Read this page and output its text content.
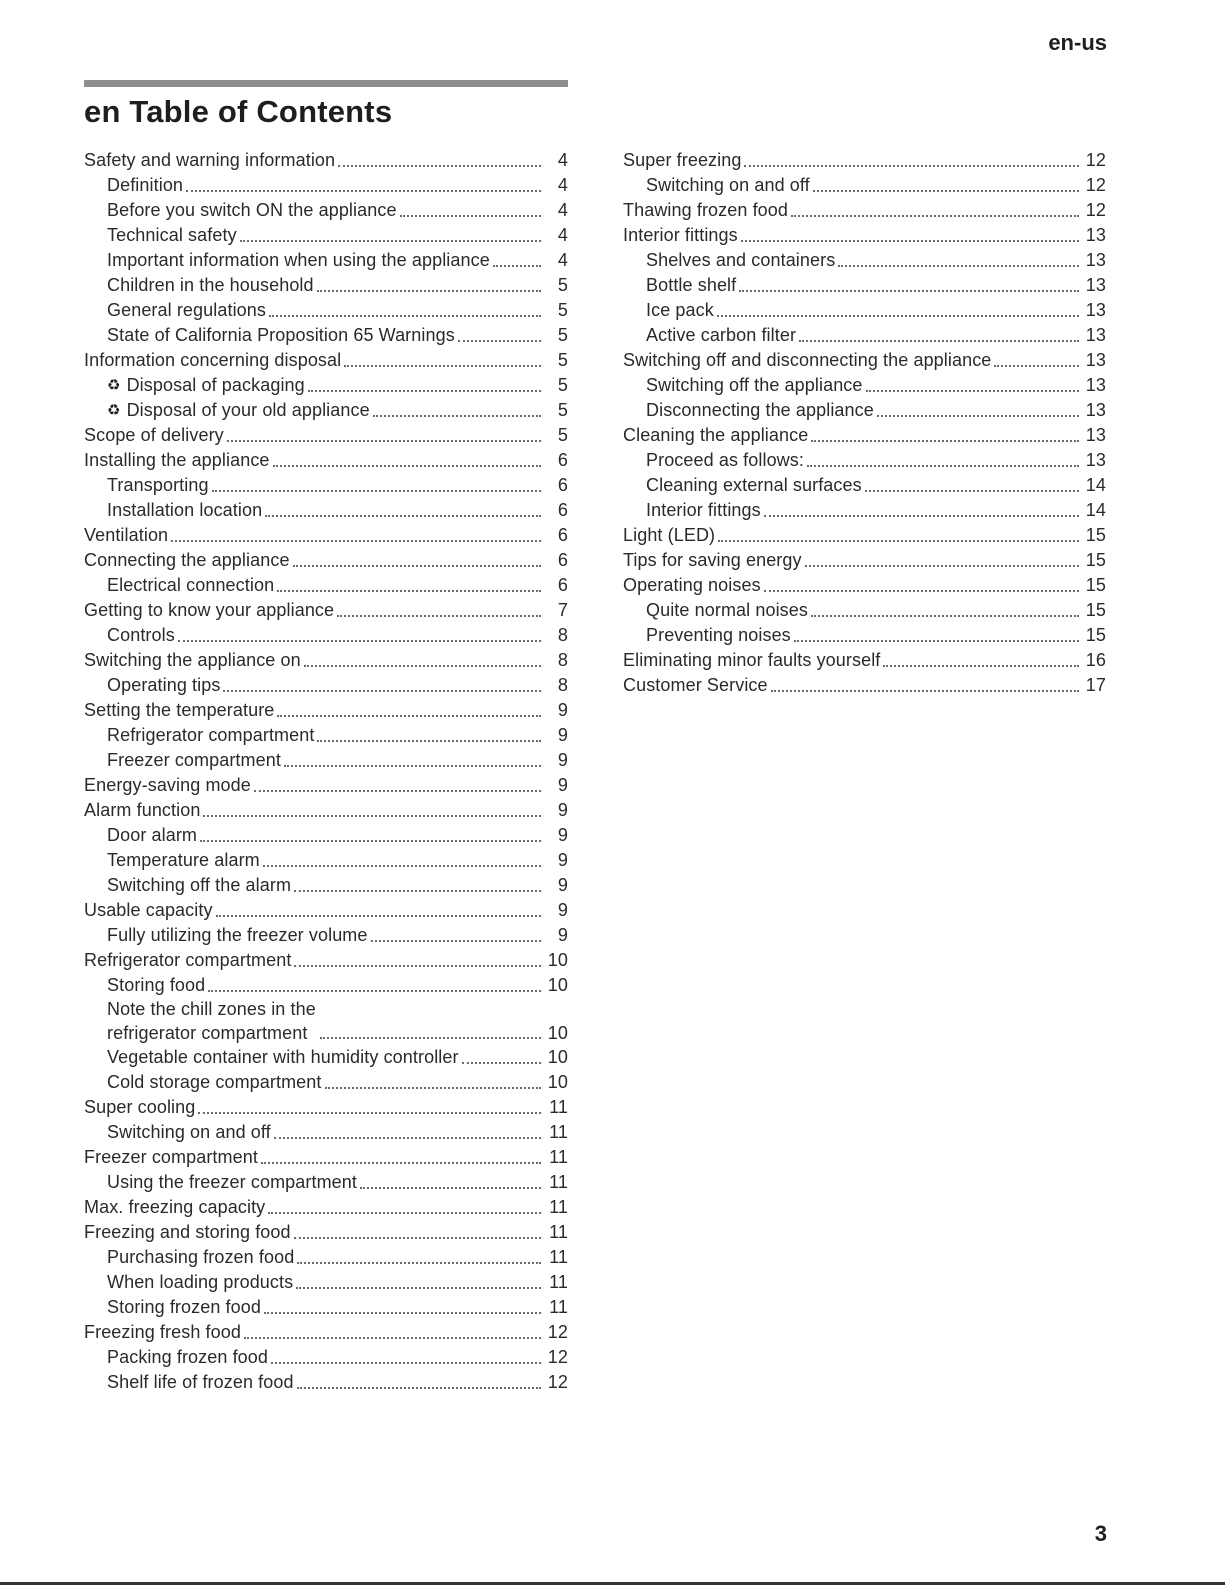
en-us
en Table of Contents
Safety and warning information	4
Definition	4
Before you switch ON the appliance	4
Technical safety	4
Important information when using the appliance	4
Children in the household	5
General regulations	5
State of California Proposition 65 Warnings	5
Information concerning disposal	5
♻ Disposal of packaging	5
♻ Disposal of your old appliance	5
Scope of delivery	5
Installing the appliance	6
Transporting	6
Installation location	6
Ventilation	6
Connecting the appliance	6
Electrical connection	6
Getting to know your appliance	7
Controls	8
Switching the appliance on	8
Operating tips	8
Setting the temperature	9
Refrigerator compartment	9
Freezer compartment	9
Energy-saving mode	9
Alarm function	9
Door alarm	9
Temperature alarm	9
Switching off the alarm	9
Usable capacity	9
Fully utilizing the freezer volume	9
Refrigerator compartment	10
Storing food	10
Note the chill zones in the refrigerator compartment	10
Vegetable container with humidity controller	10
Cold storage compartment	10
Super cooling	11
Switching on and off	11
Freezer compartment	11
Using the freezer compartment	11
Max. freezing capacity	11
Freezing and storing food	11
Purchasing frozen food	11
When loading products	11
Storing frozen food	11
Freezing fresh food	12
Packing frozen food	12
Shelf life of frozen food	12
Super freezing	12
Switching on and off	12
Thawing frozen food	12
Interior fittings	13
Shelves and containers	13
Bottle shelf	13
Ice pack	13
Active carbon filter	13
Switching off and disconnecting the appliance	13
Switching off the appliance	13
Disconnecting the appliance	13
Cleaning the appliance	13
Proceed as follows:	13
Cleaning external surfaces	14
Interior fittings	14
Light (LED)	15
Tips for saving energy	15
Operating noises	15
Quite normal noises	15
Preventing noises	15
Eliminating minor faults yourself	16
Customer Service	17
3
